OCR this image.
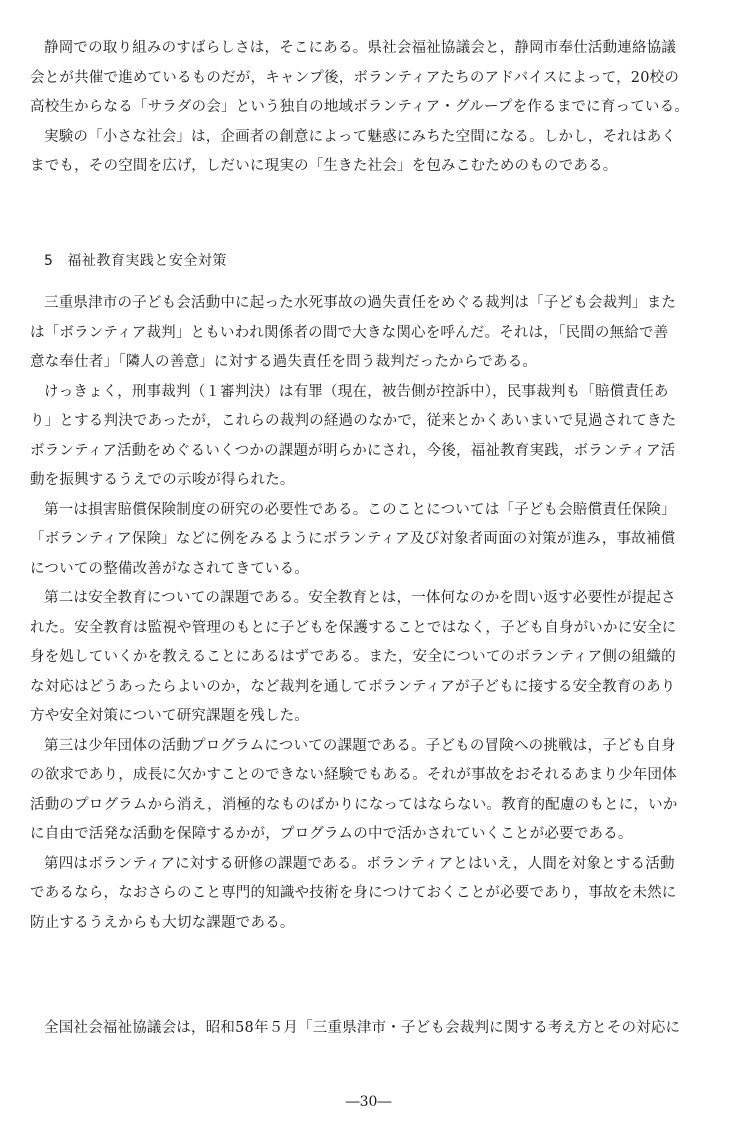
静岡での取り組みのすばらしさは，そこにある。県社会福祉協議会と，静岡市奉仕活動連絡協議
会とが共催で進めているものだが，キャンプ後，ボランティアたちのアドバイスによって，20校の
高校生からなる「サラダの会」という独自の地域ボランティア・グループを作るまでに育っている。

実験の「小さな社会」は，企画者の創意によって魅惑にみちた空間になる。しかし，それはあく
までも，その空間を広げ，しだいに現実の「生きた社会」を包みこむためのものである。

5 福祉教育実践と安全対策

三重県津市の子ども会活動中に起った水死事故の過失責任をめぐる裁判は「子ども会裁判」また
は「ボランティア裁判」ともいわれ関係者の間で大きな関心を呼んだ。それは，「民間の無給で善
意な奉仕者」「隣人の善意」に対する過失責任を問う裁判だったからである。

けっきょく，刑事裁判（１審判決）は有罪（現在，被告側が控訴中），民事裁判も「賠償責任あ
り」とする判決であったが，これらの裁判の経過のなかで，従来とかくあいまいで見過されてきた
ボランティア活動をめぐるいくつかの課題が明らかにされ，今後，福祉教育実践，ボランティア活
動を振興するうえでの示唆が得られた。

第一は損害賠償保険制度の研究の必要性である。このことについては「子ども会賠償責任保険」
「ボランティア保険」などに例をみるようにボランティア及び対象者両面の対策が進み，事故補償
についての整備改善がなされてきている。

第二は安全教育についての課題である。安全教育とは，一体何なのかを問い返す必要性が提起さ
れた。安全教育は監視や管理のもとに子どもを保護することではなく，子ども自身がいかに安全に
身を処していくかを教えることにあるはずである。また，安全についてのボランティア側の組織的
な対応はどうあったらよいのか，など裁判を通してボランティアが子どもに接する安全教育のあり
方や安全対策について研究課題を残した。

第三は少年団体の活動プログラムについての課題である。子どもの冒険への挑戦は，子ども自身
の欲求であり，成長に欠かすことのできない経験でもある。それが事故をおそれるあまり少年団体
活動のプログラムから消え，消極的なものばかりになってはならない。教育的配慮のもとに，いか
に自由で活発な活動を保障するかが，プログラムの中で活かされていくことが必要である。

第四はボランティアに対する研修の課題である。ボランティアとはいえ，人間を対象とする活動
であるなら，なおさらのこと専門的知識や技術を身につけておくことが必要であり，事故を未然に
防止するうえからも大切な課題である。

全国社会福祉協議会は，昭和58年５月「三重県津市・子ども会裁判に関する考え方とその対応に

―30―
